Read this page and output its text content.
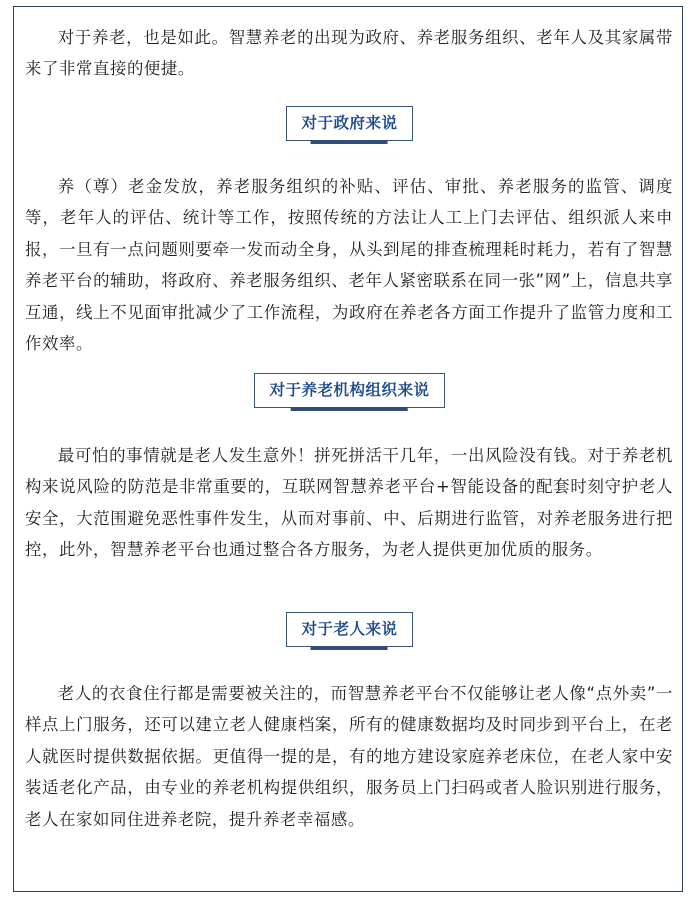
对于养老，也是如此。智慧养老的出现为政府、养老服务组织、老年人及其家属带来了非常直接的便捷。

对于政府来说

养（尊）老金发放，养老服务组织的补贴、评估、审批、养老服务的监管、调度等，老年人的评估、统计等工作，按照传统的方法让人工上门去评估、组织派人来申报，一旦有一点问题则要牵一发而动全身，从头到尾的排查梳理耗时耗力，若有了智慧养老平台的辅助，将政府、养老服务组织、老年人紧密联系在同一张”网”上，信息共享互通，线上不见面审批减少了工作流程，为政府在养老各方面工作提升了监管力度和工作效率。

对于养老机构组织来说

最可怕的事情就是老人发生意外！拼死拼活干几年，一出风险没有钱。对于养老机构来说风险的防范是非常重要的，互联网智慧养老平台+智能设备的配套时刻守护老人安全，大范围避免恶性事件发生，从而对事前、中、后期进行监管，对养老服务进行把控，此外，智慧养老平台也通过整合各方服务，为老人提供更加优质的服务。

对于老人来说

老人的衣食住行都是需要被关注的，而智慧养老平台不仅能够让老人像“点外卖”一样点上门服务，还可以建立老人健康档案，所有的健康数据均及时同步到平台上，在老人就医时提供数据依据。更值得一提的是，有的地方建设家庭养老床位，在老人家中安装适老化产品，由专业的养老机构提供组织，服务员上门扫码或者人脸识别进行服务，老人在家如同住进养老院，提升养老幸福感。
